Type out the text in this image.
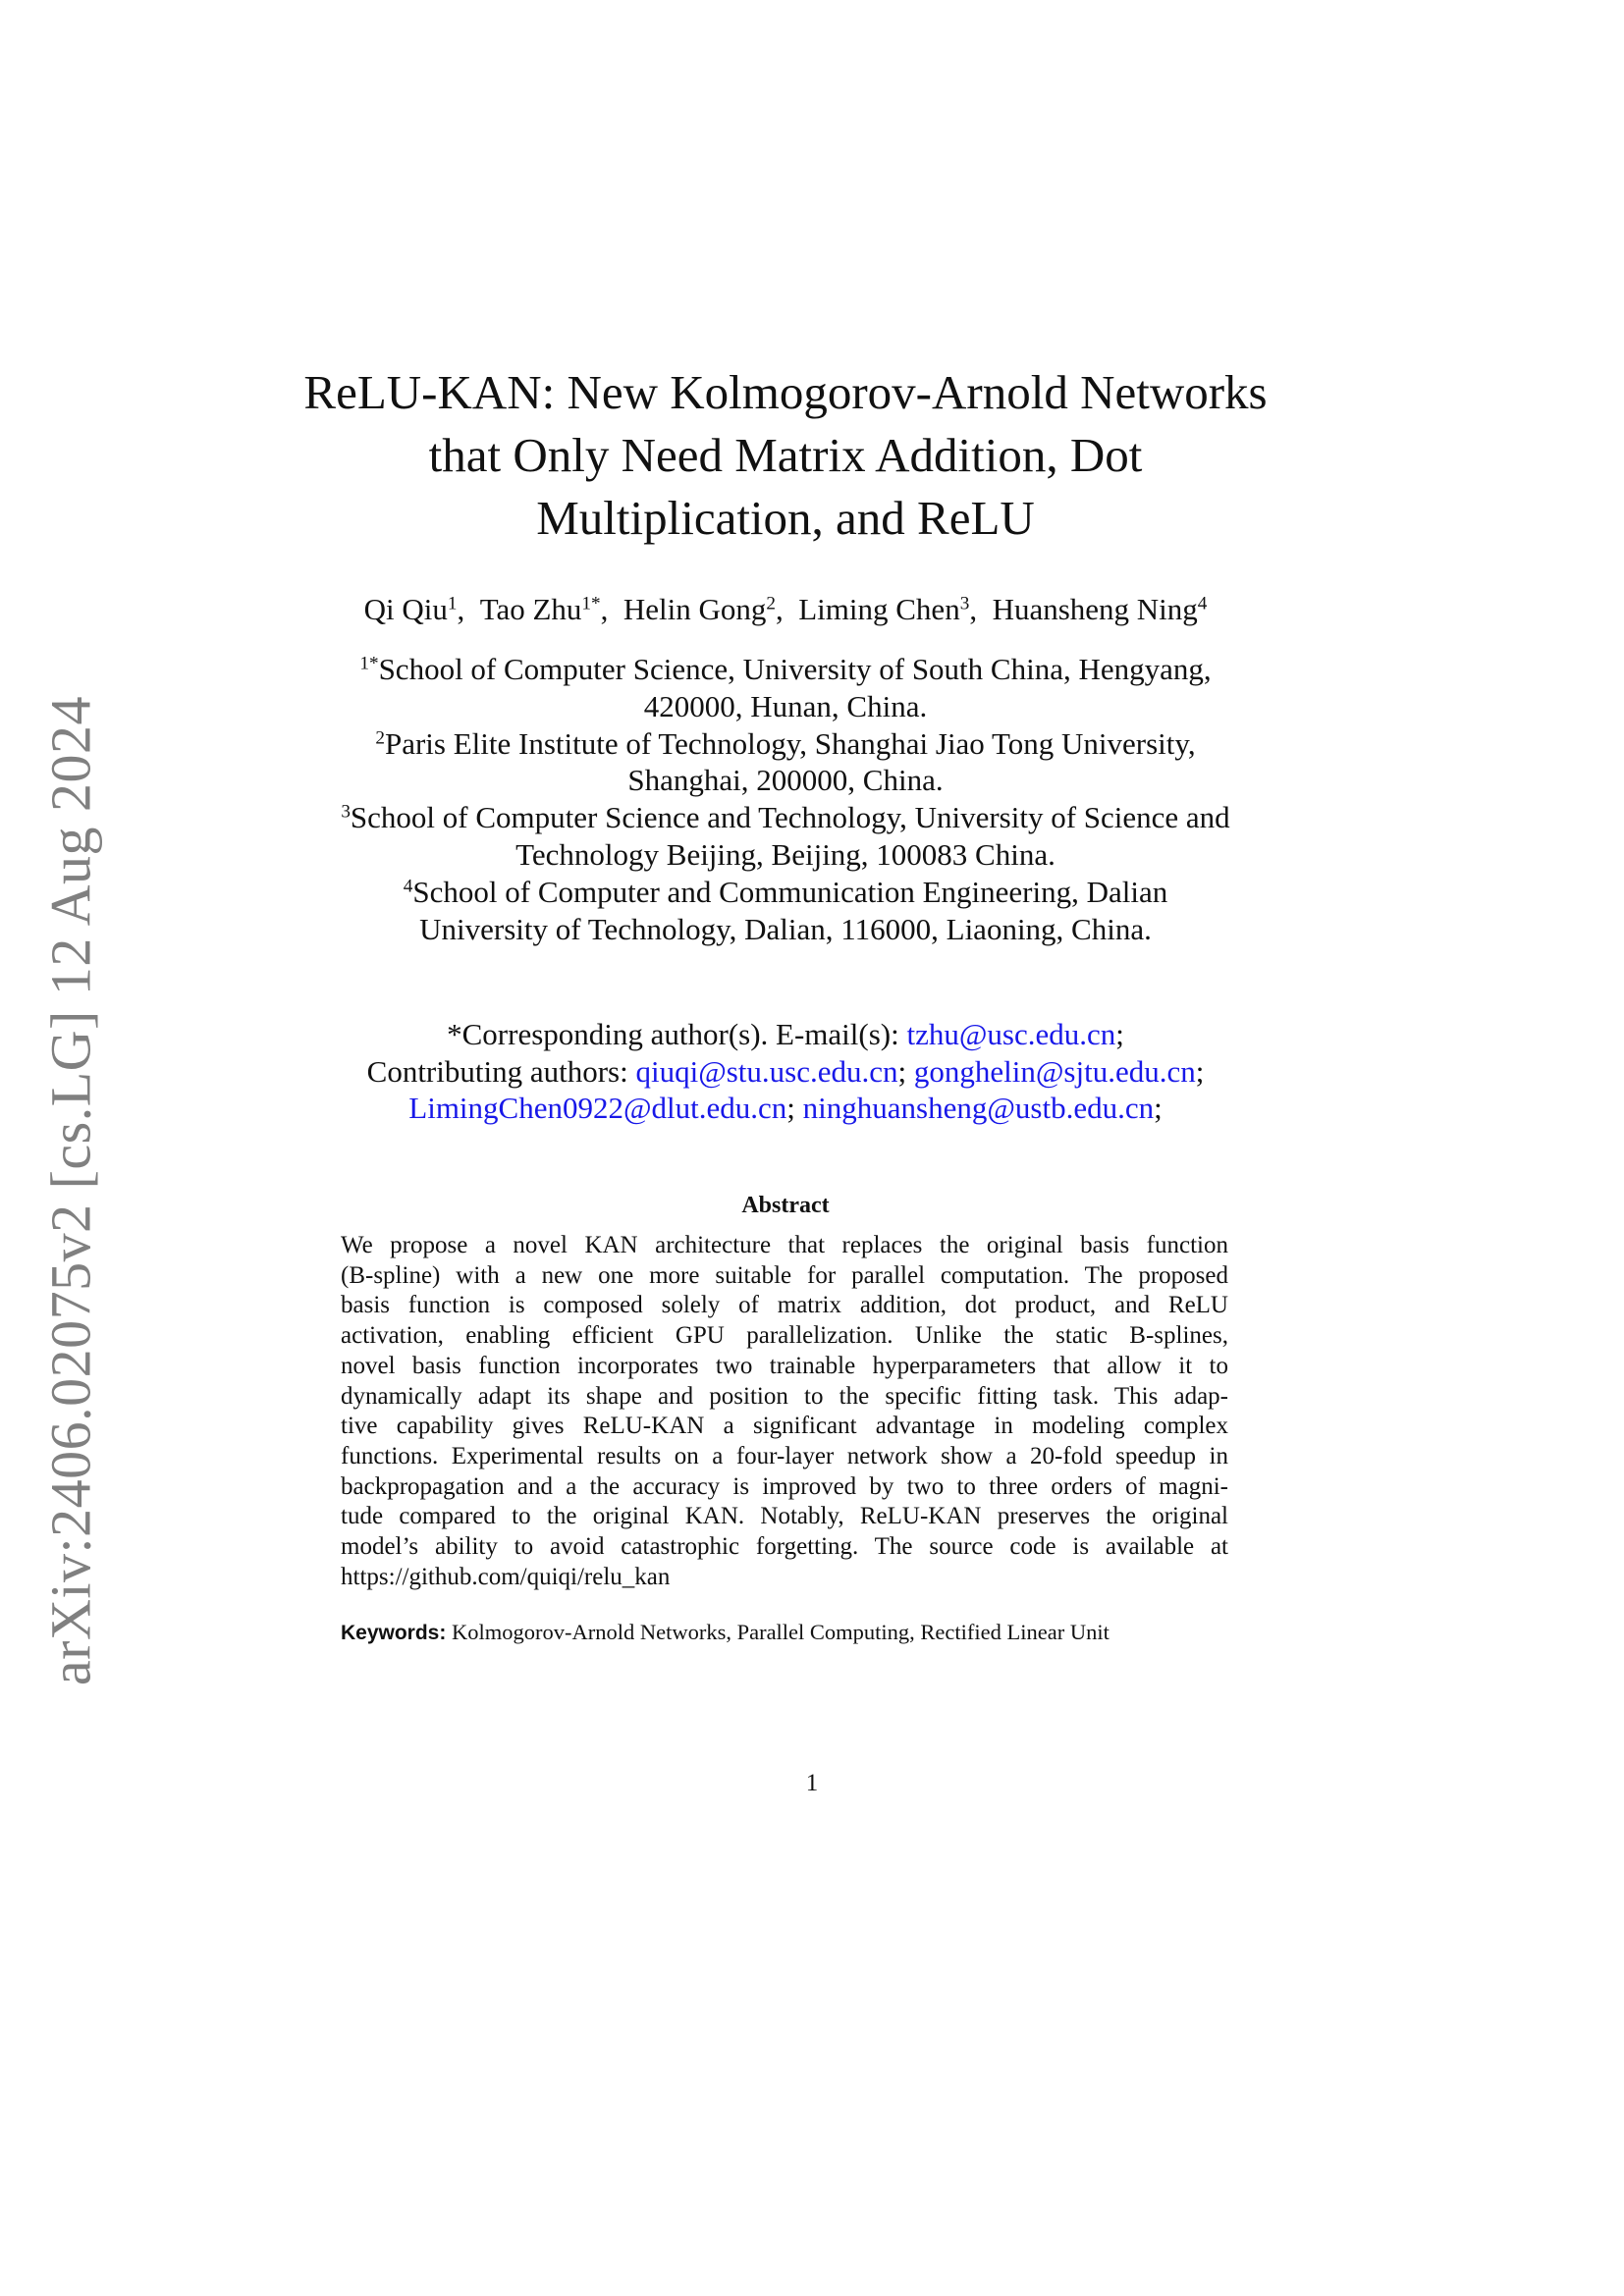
arXiv:2406.02075v2 [cs.LG] 12 Aug 2024
ReLU-KAN: New Kolmogorov-Arnold Networks
that Only Need Matrix Addition, Dot
Multiplication, and ReLU
Qi Qiu$^1$, Tao Zhu$^{1*}$, Helin Gong$^2$, Liming Chen$^3$, Huansheng Ning$^4$
$^{1*}$School of Computer Science, University of South China, Hengyang,
420000, Hunan, China.
$^2$Paris Elite Institute of Technology, Shanghai Jiao Tong University,
Shanghai, 200000, China.
$^3$School of Computer Science and Technology, University of Science and
Technology Beijing, Beijing, 100083 China.
$^4$School of Computer and Communication Engineering, Dalian
University of Technology, Dalian, 116000, Liaoning, China.
*Corresponding author(s). E-mail(s): tzhu@usc.edu.cn;
Contributing authors: qiuqi@stu.usc.edu.cn; gonghelin@sjtu.edu.cn;
LimingChen0922@dlut.edu.cn; ninghuansheng@ustb.edu.cn;
Abstract
We propose a novel KAN architecture that replaces the original basis function
(B-spline) with a new one more suitable for parallel computation. The proposed
basis function is composed solely of matrix addition, dot product, and ReLU
activation, enabling efficient GPU parallelization. Unlike the static B-splines,
novel basis function incorporates two trainable hyperparameters that allow it to
dynamically adapt its shape and position to the specific fitting task. This adap-
tive capability gives ReLU-KAN a significant advantage in modeling complex
functions. Experimental results on a four-layer network show a 20-fold speedup in
backpropagation and a the accuracy is improved by two to three orders of magni-
tude compared to the original KAN. Notably, ReLU-KAN preserves the original
model’s ability to avoid catastrophic forgetting. The source code is available at
https://github.com/quiqi/relu_kan
Keywords: Kolmogorov-Arnold Networks, Parallel Computing, Rectified Linear Unit
1
